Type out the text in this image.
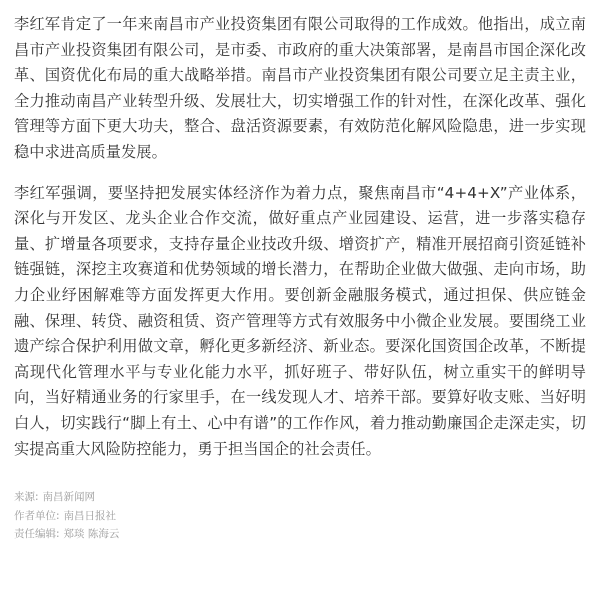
李红军肯定了一年来南昌市产业投资集团有限公司取得的工作成效。他指出，成立南昌市产业投资集团有限公司，是市委、市政府的重大决策部署，是南昌市国企深化改革、国资优化布局的重大战略举措。南昌市产业投资集团有限公司要立足主责主业，全力推动南昌产业转型升级、发展壮大，切实增强工作的针对性，在深化改革、强化管理等方面下更大功夫，整合、盘活资源要素，有效防范化解风险隐患，进一步实现稳中求进高质量发展。

李红军强调，要坚持把发展实体经济作为着力点，聚焦南昌市“4+4+X”产业体系，深化与开发区、龙头企业合作交流，做好重点产业园建设、运营，进一步落实稳存量、扩增量各项要求，支持存量企业技改升级、增资扩产，精准开展招商引资延链补链强链，深挖主攻赛道和优势领域的增长潜力，在帮助企业做大做强、走向市场，助力企业纾困解难等方面发挥更大作用。要创新金融服务模式，通过担保、供应链金融、保理、转贷、融资租赁、资产管理等方式有效服务中小微企业发展。要围绕工业遗产综合保护利用做文章，孵化更多新经济、新业态。要深化国资国企改革，不断提高现代化管理水平与专业化能力水平，抓好班子、带好队伍，树立重实干的鲜明导向，当好精通业务的行家里手，在一线发现人才、培养干部。要算好收支账、当好明白人，切实践行“脚上有土、心中有谱”的工作作风，着力推动勤廉国企走深走实，切实提高重大风险防控能力，勇于担当国企的社会责任。

来源: 南昌新闻网
作者单位: 南昌日报社
责任编辑: 郑琰 陈海云
